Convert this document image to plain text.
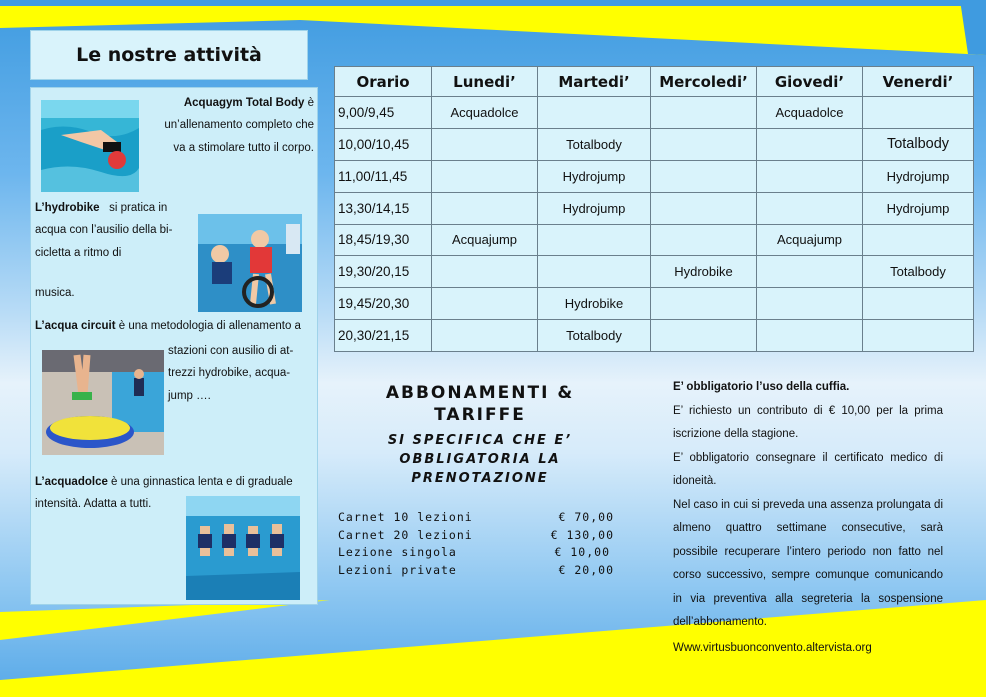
Le nostre attività
Acquagym Total Body è
un’allenamento completo che
va a stimolare tutto il corpo.
L’hydrobike si pratica in
acqua con l’ausilio della bi-
cicletta a ritmo di
musica.
L’acqua circuit è una metodologia di allenamento a
stazioni con ausilio di at-
trezzi hydrobike, acqua-
jump ….
L’acquadolce è una ginnastica lenta e di graduale
intensità. Adatta a tutti.
Orario	Lunedi’	Martedi’	Mercoledi’	Giovedi’	Venerdi’
9,00/9,45	Acquadolce			Acquadolce	
10,00/10,45		Totalbody			Totalbody
11,00/11,45		Hydrojump			Hydrojump
13,30/14,15		Hydrojump			Hydrojump
18,45/19,30	Acquajump			Acquajump	
19,30/20,15			Hydrobike		Totalbody
19,45/20,30		Hydrobike			
20,30/21,15		Totalbody			
ABBONAMENTI &
TARIFFE
SI SPECIFICA CHE E’
OBBLIGATORIA LA
PRENOTAZIONE
Carnet 10 lezioni	€ 70,00
Carnet 20 lezioni	€ 130,00
Lezione singola	€ 10,00
Lezioni private	€ 20,00

E’ obbligatorio l’uso della cuffia.

E’ richiesto un contributo di € 10,00 per la prima iscrizione della stagione.

E’ obbligatorio consegnare il certificato medico di idoneità.

Nel caso in cui si preveda una assenza prolungata di almeno quattro settimane consecutive, sarà possibile recuperare l’intero periodo non fatto nel corso successivo, sempre comunque comunicando in via preventiva alla segreteria la sospensione dell’abbonamento.

Www.virtusbuonconvento.altervista.org
